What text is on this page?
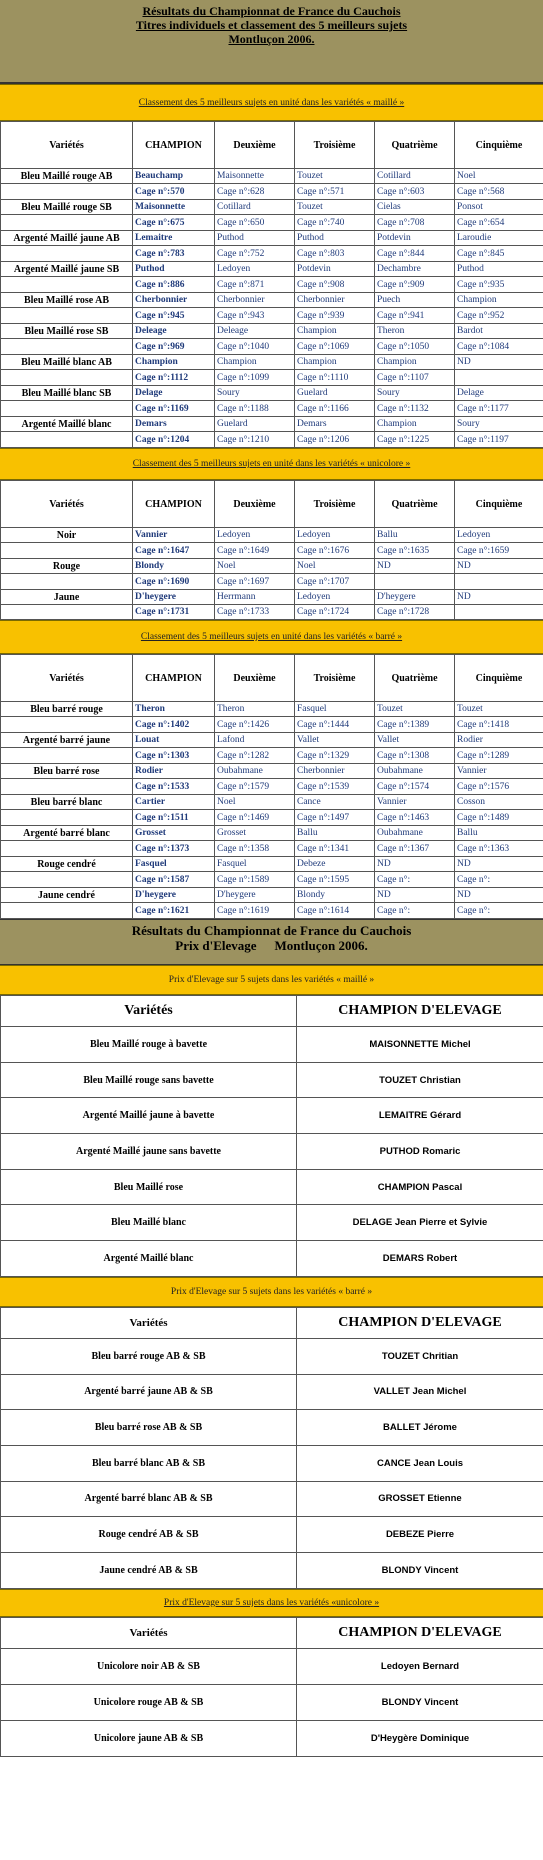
Résultats du Championnat de France du Cauchois
Titres individuels et classement des 5 meilleurs sujets
Montluçon 2006.
Classement des 5 meilleurs sujets en unité dans les variétés « maillé »
Variétés	CHAMPION	Deuxième	Troisième	Quatrième	Cinquième
Bleu Maillé rouge AB	Beauchamp	Maisonnette	Touzet	Cotillard	Noel
	Cage n°:570	Cage n°:628	Cage n°:571	Cage n°:603	Cage n°:568
Bleu Maillé rouge SB	Maisonnette	Cotillard	Touzet	Cielas	Ponsot
	Cage n°:675	Cage n°:650	Cage n°:740	Cage n°:708	Cage n°:654
Argenté Maillé jaune AB	Lemaitre	Puthod	Puthod	Potdevin	Laroudie
	Cage n°:783	Cage n°:752	Cage n°:803	Cage n°:844	Cage n°:845
Argenté Maillé jaune SB	Puthod	Ledoyen	Potdevin	Dechambre	Puthod
	Cage n°:886	Cage n°:871	Cage n°:908	Cage n°:909	Cage n°:935
Bleu Maillé rose AB	Cherbonnier	Cherbonnier	Cherbonnier	Puech	Champion
	Cage n°:945	Cage n°:943	Cage n°:939	Cage n°:941	Cage n°:952
Bleu Maillé rose SB	Deleage	Deleage	Champion	Theron	Bardot
	Cage n°:969	Cage n°:1040	Cage n°:1069	Cage n°:1050	Cage n°:1084
Bleu Maillé blanc AB	Champion	Champion	Champion	Champion	ND
	Cage n°:1112	Cage n°:1099	Cage n°:1110	Cage n°:1107	
Bleu Maillé blanc SB	Delage	Soury	Guelard	Soury	Delage
	Cage n°:1169	Cage n°:1188	Cage n°:1166	Cage n°:1132	Cage n°:1177
Argenté Maillé blanc	Demars	Guelard	Demars	Champion	Soury
	Cage n°:1204	Cage n°:1210	Cage n°:1206	Cage n°:1225	Cage n°:1197
Classement des 5 meilleurs sujets en unité dans les variétés « unicolore »
Variétés	CHAMPION	Deuxième	Troisième	Quatrième	Cinquième
Noir	Vannier	Ledoyen	Ledoyen	Ballu	Ledoyen
	Cage n°:1647	Cage n°:1649	Cage n°:1676	Cage n°:1635	Cage n°:1659
Rouge	Blondy	Noel	Noel	ND	ND
	Cage n°:1690	Cage n°:1697	Cage n°:1707		
Jaune	D'heygere	Herrmann	Ledoyen	D'heygere	ND
	Cage n°:1731	Cage n°:1733	Cage n°:1724	Cage n°:1728	
Classement des 5 meilleurs sujets en unité dans les variétés « barré »
Variétés	CHAMPION	Deuxième	Troisième	Quatrième	Cinquième
Bleu barré rouge	Theron	Theron	Fasquel	Touzet	Touzet
	Cage n°:1402	Cage n°:1426	Cage n°:1444	Cage n°:1389	Cage n°:1418
Argenté barré jaune	Louat	Lafond	Vallet	Vallet	Rodier
	Cage n°:1303	Cage n°:1282	Cage n°:1329	Cage n°:1308	Cage n°:1289
Bleu barré rose	Rodier	Oubahmane	Cherbonnier	Oubahmane	Vannier
	Cage n°:1533	Cage n°:1579	Cage n°:1539	Cage n°:1574	Cage n°:1576
Bleu barré blanc	Cartier	Noel	Cance	Vannier	Cosson
	Cage n°:1511	Cage n°:1469	Cage n°:1497	Cage n°:1463	Cage n°:1489
Argenté barré blanc	Grosset	Grosset	Ballu	Oubahmane	Ballu
	Cage n°:1373	Cage n°:1358	Cage n°:1341	Cage n°:1367	Cage n°:1363
Rouge cendré	Fasquel	Fasquel	Debeze	ND	ND
	Cage n°:1587	Cage n°:1589	Cage n°:1595	Cage n°:	Cage n°:
Jaune cendré	D'heygere	D'heygere	Blondy	ND	ND
	Cage n°:1621	Cage n°:1619	Cage n°:1614	Cage n°:	Cage n°:
Résultats du Championnat de France du Cauchois
Prix d'Elevage Montluçon 2006.
Prix d'Elevage sur 5 sujets dans les variétés « maillé »
Variétés	CHAMPION D'ELEVAGE
Bleu Maillé rouge à bavette	MAISONNETTE Michel
Bleu Maillé rouge sans bavette	TOUZET Christian
Argenté Maillé jaune à bavette	LEMAITRE Gérard
Argenté Maillé jaune sans bavette	PUTHOD Romaric
Bleu Maillé rose	CHAMPION Pascal
Bleu Maillé blanc	DELAGE Jean Pierre et Sylvie
Argenté Maillé blanc	DEMARS Robert
Prix d'Elevage sur 5 sujets dans les variétés « barré »
Variétés	CHAMPION D'ELEVAGE
Bleu barré rouge AB & SB	TOUZET Chritian
Argenté barré jaune AB & SB	VALLET Jean Michel
Bleu barré rose AB & SB	BALLET Jérome
Bleu barré blanc AB & SB	CANCE Jean Louis
Argenté barré blanc AB & SB	GROSSET Etienne
Rouge cendré AB & SB	DEBEZE Pierre
Jaune cendré AB & SB	BLONDY Vincent
Prix d'Elevage sur 5 sujets dans les variétés «unicolore »
Variétés	CHAMPION D'ELEVAGE
Unicolore noir AB & SB	Ledoyen Bernard
Unicolore rouge AB & SB	BLONDY Vincent
Unicolore jaune AB & SB	D'Heygère Dominique
